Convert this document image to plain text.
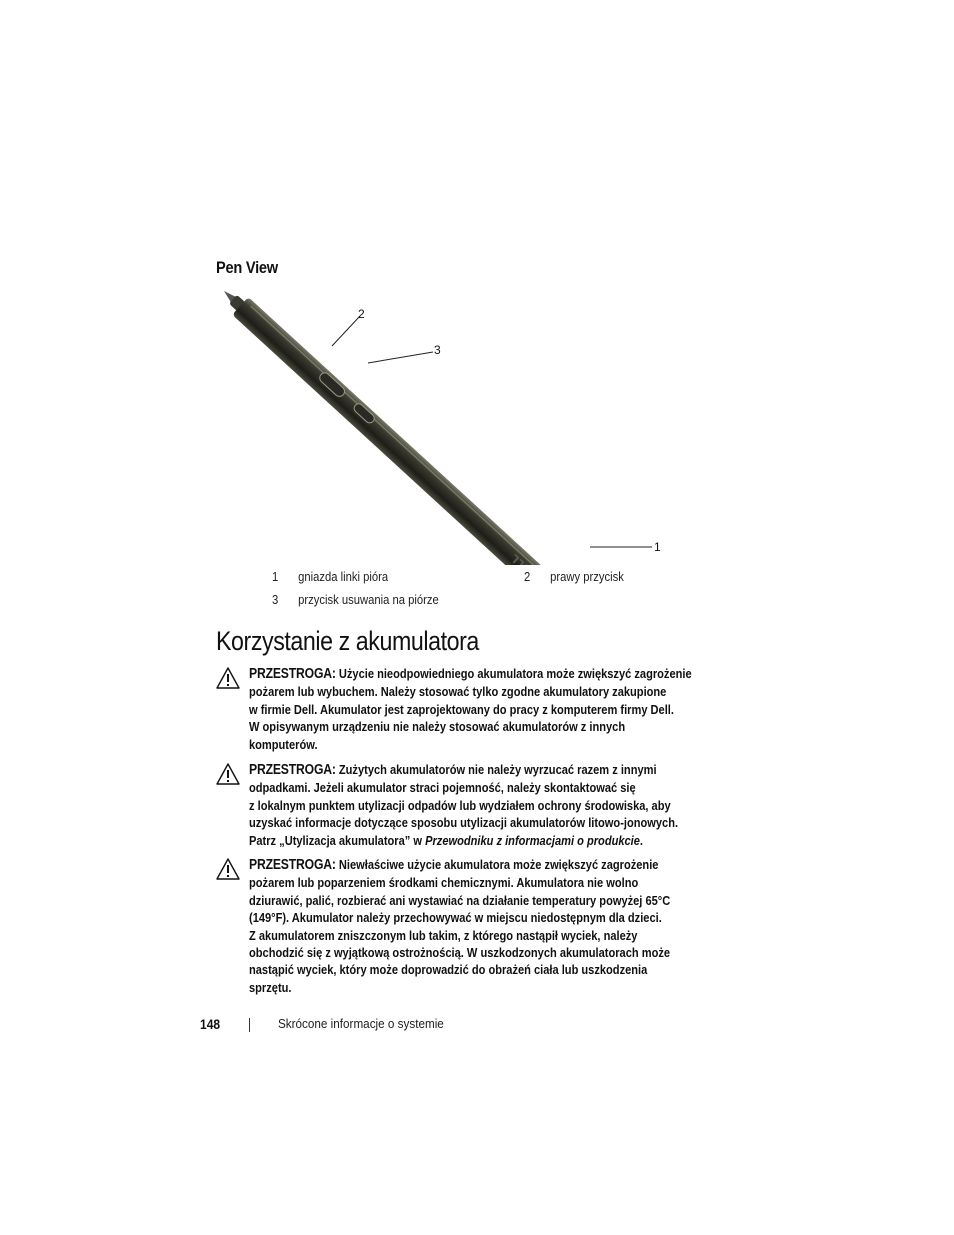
Pen View
2
3
1
1 gniazda linki pióra	2 prawy przycisk
3 przycisk usuwania na piórze
Korzystanie z akumulatora

PRZESTROGA: Użycie nieodpowiedniego akumulatora może zwiększyć zagrożenie
pożarem lub wybuchem. Należy stosować tylko zgodne akumulatory zakupione
w firmie Dell. Akumulator jest zaprojektowany do pracy z komputerem firmy Dell.
W opisywanym urządzeniu nie należy stosować akumulatorów z innych
komputerów.

PRZESTROGA: Zużytych akumulatorów nie należy wyrzucać razem z innymi
odpadkami. Jeżeli akumulator straci pojemność, należy skontaktować się
z lokalnym punktem utylizacji odpadów lub wydziałem ochrony środowiska, aby
uzyskać informacje dotyczące sposobu utylizacji akumulatorów litowo-jonowych.
Patrz „Utylizacja akumulatora” w Przewodniku z informacjami o produkcie.

PRZESTROGA: Niewłaściwe użycie akumulatora może zwiększyć zagrożenie
pożarem lub poparzeniem środkami chemicznymi. Akumulatora nie wolno
dziurawić, palić, rozbierać ani wystawiać na działanie temperatury powyżej 65°C
(149°F). Akumulator należy przechowywać w miejscu niedostępnym dla dzieci.
Z akumulatorem zniszczonym lub takim, z którego nastąpił wyciek, należy
obchodzić się z wyjątkową ostrożnością. W uszkodzonych akumulatorach może
nastąpić wyciek, który może doprowadzić do obrażeń ciała lub uszkodzenia
sprzętu.

148	Skrócone informacje o systemie
